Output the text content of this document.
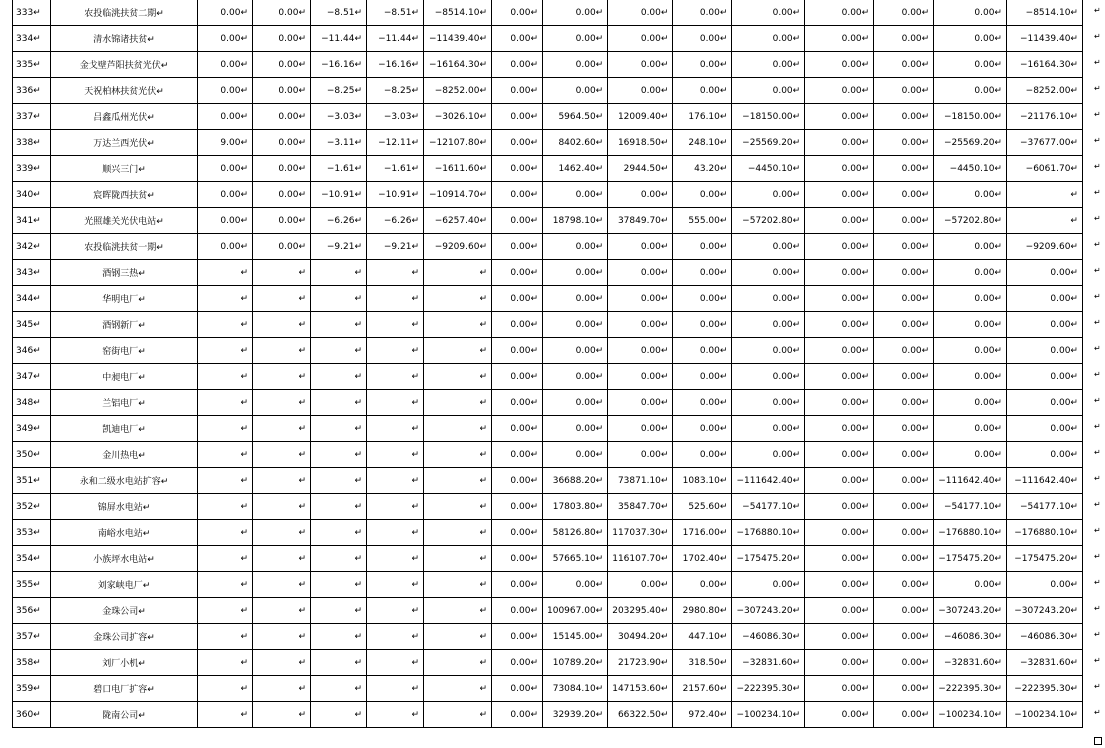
333↵	农投临洮扶贫二期↵	0.00↵	0.00↵	−8.51↵	−8.51↵	−8514.10↵	0.00↵	0.00↵	0.00↵	0.00↵	0.00↵	0.00↵	0.00↵	0.00↵	−8514.10↵
334↵	清水锦诸扶贫↵	0.00↵	0.00↵	−11.44↵	−11.44↵	−11439.40↵	0.00↵	0.00↵	0.00↵	0.00↵	0.00↵	0.00↵	0.00↵	0.00↵	−11439.40↵
335↵	金戈壁芦阳扶贫光伏↵	0.00↵	0.00↵	−16.16↵	−16.16↵	−16164.30↵	0.00↵	0.00↵	0.00↵	0.00↵	0.00↵	0.00↵	0.00↵	0.00↵	−16164.30↵
336↵	天祝柏林扶贫光伏↵	0.00↵	0.00↵	−8.25↵	−8.25↵	−8252.00↵	0.00↵	0.00↵	0.00↵	0.00↵	0.00↵	0.00↵	0.00↵	0.00↵	−8252.00↵
337↵	吕鑫瓜州光伏↵	0.00↵	0.00↵	−3.03↵	−3.03↵	−3026.10↵	0.00↵	5964.50↵	12009.40↵	176.10↵	−18150.00↵	0.00↵	0.00↵	−18150.00↵	−21176.10↵
338↵	万达兰西光伏↵	9.00↵	0.00↵	−3.11↵	−12.11↵	−12107.80↵	0.00↵	8402.60↵	16918.50↵	248.10↵	−25569.20↵	0.00↵	0.00↵	−25569.20↵	−37677.00↵
339↵	顺兴三门↵	0.00↵	0.00↵	−1.61↵	−1.61↵	−1611.60↵	0.00↵	1462.40↵	2944.50↵	43.20↵	−4450.10↵	0.00↵	0.00↵	−4450.10↵	−6061.70↵
340↵	宸晖陇西扶贫↵	0.00↵	0.00↵	−10.91↵	−10.91↵	−10914.70↵	0.00↵	0.00↵	0.00↵	0.00↵	0.00↵	0.00↵	0.00↵	0.00↵	↵
341↵	光照雄关光伏电站↵	0.00↵	0.00↵	−6.26↵	−6.26↵	−6257.40↵	0.00↵	18798.10↵	37849.70↵	555.00↵	−57202.80↵	0.00↵	0.00↵	−57202.80↵	↵
342↵	农投临洮扶贫一期↵	0.00↵	0.00↵	−9.21↵	−9.21↵	−9209.60↵	0.00↵	0.00↵	0.00↵	0.00↵	0.00↵	0.00↵	0.00↵	0.00↵	−9209.60↵
343↵	酒钢三热↵	↵	↵	↵	↵	↵	0.00↵	0.00↵	0.00↵	0.00↵	0.00↵	0.00↵	0.00↵	0.00↵	0.00↵
344↵	华明电厂↵	↵	↵	↵	↵	↵	0.00↵	0.00↵	0.00↵	0.00↵	0.00↵	0.00↵	0.00↵	0.00↵	0.00↵
345↵	酒钢新厂↵	↵	↵	↵	↵	↵	0.00↵	0.00↵	0.00↵	0.00↵	0.00↵	0.00↵	0.00↵	0.00↵	0.00↵
346↵	窑街电厂↵	↵	↵	↵	↵	↵	0.00↵	0.00↵	0.00↵	0.00↵	0.00↵	0.00↵	0.00↵	0.00↵	0.00↵
347↵	中昶电厂↵	↵	↵	↵	↵	↵	0.00↵	0.00↵	0.00↵	0.00↵	0.00↵	0.00↵	0.00↵	0.00↵	0.00↵
348↵	兰铝电厂↵	↵	↵	↵	↵	↵	0.00↵	0.00↵	0.00↵	0.00↵	0.00↵	0.00↵	0.00↵	0.00↵	0.00↵
349↵	凯迪电厂↵	↵	↵	↵	↵	↵	0.00↵	0.00↵	0.00↵	0.00↵	0.00↵	0.00↵	0.00↵	0.00↵	0.00↵
350↵	金川热电↵	↵	↵	↵	↵	↵	0.00↵	0.00↵	0.00↵	0.00↵	0.00↵	0.00↵	0.00↵	0.00↵	0.00↵
351↵	永和二级水电站扩容↵	↵	↵	↵	↵	↵	0.00↵	36688.20↵	73871.10↵	1083.10↵	−111642.40↵	0.00↵	0.00↵	−111642.40↵	−111642.40↵
352↵	锦屏水电站↵	↵	↵	↵	↵	↵	0.00↵	17803.80↵	35847.70↵	525.60↵	−54177.10↵	0.00↵	0.00↵	−54177.10↵	−54177.10↵
353↵	南峪水电站↵	↵	↵	↵	↵	↵	0.00↵	58126.80↵	117037.30↵	1716.00↵	−176880.10↵	0.00↵	0.00↵	−176880.10↵	−176880.10↵
354↵	小族坪水电站↵	↵	↵	↵	↵	↵	0.00↵	57665.10↵	116107.70↵	1702.40↵	−175475.20↵	0.00↵	0.00↵	−175475.20↵	−175475.20↵
355↵	刘家峡电厂↵	↵	↵	↵	↵	↵	0.00↵	0.00↵	0.00↵	0.00↵	0.00↵	0.00↵	0.00↵	0.00↵	0.00↵
356↵	金珠公司↵	↵	↵	↵	↵	↵	0.00↵	100967.00↵	203295.40↵	2980.80↵	−307243.20↵	0.00↵	0.00↵	−307243.20↵	−307243.20↵
357↵	金珠公司扩容↵	↵	↵	↵	↵	↵	0.00↵	15145.00↵	30494.20↵	447.10↵	−46086.30↵	0.00↵	0.00↵	−46086.30↵	−46086.30↵
358↵	刘厂小机↵	↵	↵	↵	↵	↵	0.00↵	10789.20↵	21723.90↵	318.50↵	−32831.60↵	0.00↵	0.00↵	−32831.60↵	−32831.60↵
359↵	碧口电厂扩容↵	↵	↵	↵	↵	↵	0.00↵	73084.10↵	147153.60↵	2157.60↵	−222395.30↵	0.00↵	0.00↵	−222395.30↵	−222395.30↵
360↵	陇南公司↵	↵	↵	↵	↵	↵	0.00↵	32939.20↵	66322.50↵	972.40↵	−100234.10↵	0.00↵	0.00↵	−100234.10↵	−100234.10↵
↵
↵
↵
↵
↵
↵
↵
↵
↵
↵
↵
↵
↵
↵
↵
↵
↵
↵
↵
↵
↵
↵
↵
↵
↵
↵
↵
↵
